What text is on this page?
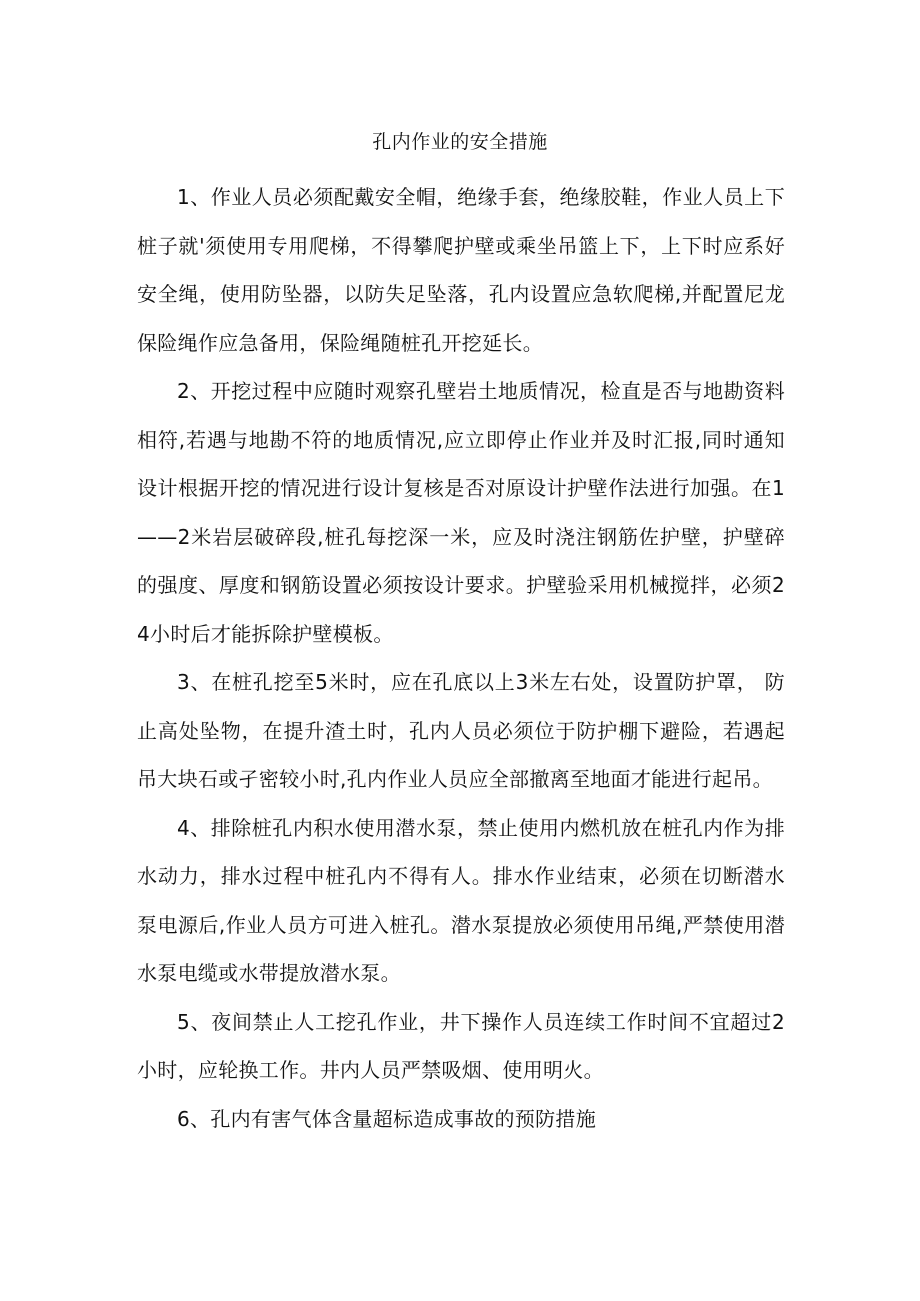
孔内作业的安全措施

1、作业人员必须配戴安全帽，绝缘手套，绝缘胶鞋，作业人员上下桩子就'须使用专用爬梯，不得攀爬护壁或乘坐吊篮上下，上下时应系好安全绳，使用防坠器，以防失足坠落，孔内设置应急软爬梯,并配置尼龙保险绳作应急备用，保险绳随桩孔开挖延长。

2、开挖过程中应随时观察孔壁岩土地质情况，检直是否与地勘资料相符,若遇与地勘不符的地质情况,应立即停止作业并及时汇报,同时通知设计根据开挖的情况进行设计复核是否对原设计护壁作法进行加强。在1——2米岩层破碎段,桩孔每挖深一米，应及时浇注钢筋佐护壁，护壁碎的强度、厚度和钢筋设置必须按设计要求。护壁验采用机械搅拌，必须24小时后才能拆除护壁模板。

3、在桩孔挖至5米时，应在孔底以上3米左右处，设置防护罩， 防止高处坠物，在提升渣土时，孔内人员必须位于防护棚下避险，若遇起吊大块石或孑密较小时,孔内作业人员应全部撤离至地面才能进行起吊。

4、排除桩孔内积水使用潜水泵，禁止使用内燃机放在桩孔内作为排水动力，排水过程中桩孔内不得有人。排水作业结束，必须在切断潜水泵电源后,作业人员方可进入桩孔。潜水泵提放必须使用吊绳,严禁使用潜水泵电缆或水带提放潜水泵。

5、夜间禁止人工挖孔作业，井下操作人员连续工作时间不宜超过2小时，应轮换工作。井内人员严禁吸烟、使用明火。

6、孔内有害气体含量超标造成事故的预防措施
